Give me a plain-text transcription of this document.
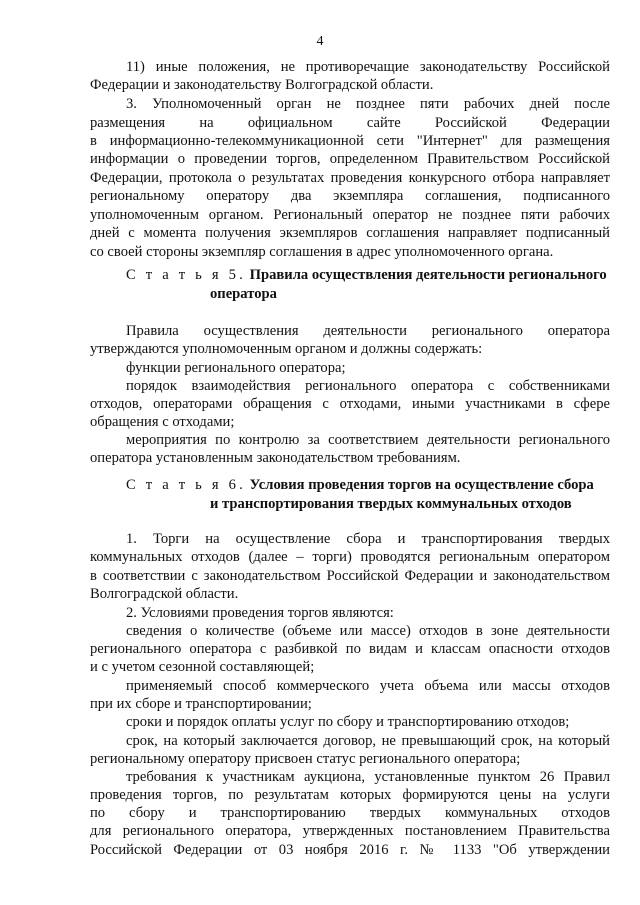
4
11) иные положения, не противоречащие законодательству Российской
Федерации и законодательству Волгоградской области.
3. Уполномоченный орган не позднее пяти рабочих дней после
размещения на официальном сайте Российской Федерации
в информационно-телекоммуникационной сети "Интернет" для размещения
информации о проведении торгов, определенном Правительством Российской
Федерации, протокола о результатах проведения конкурсного отбора направляет
региональному оператору два экземпляра соглашения, подписанного
уполномоченным органом. Региональный оператор не позднее пяти рабочих
дней с момента получения экземпляров соглашения направляет подписанный
со своей стороны экземпляр соглашения в адрес уполномоченного органа.
С т а т ь я 5. Правила осуществления деятельности регионального
оператора
Правила осуществления деятельности регионального оператора
утверждаются уполномоченным органом и должны содержать:
функции регионального оператора;
порядок взаимодействия регионального оператора с собственниками
отходов, операторами обращения с отходами, иными участниками в сфере
обращения с отходами;
мероприятия по контролю за соответствием деятельности регионального
оператора установленным законодательством требованиям.
С т а т ь я 6. Условия проведения торгов на осуществление сбора
и транспортирования твердых коммунальных отходов
1. Торги на осуществление сбора и транспортирования твердых
коммунальных отходов (далее – торги) проводятся региональным оператором
в соответствии с законодательством Российской Федерации и законодательством
Волгоградской области.
2. Условиями проведения торгов являются:
сведения о количестве (объеме или массе) отходов в зоне деятельности
регионального оператора с разбивкой по видам и классам опасности отходов
и с учетом сезонной составляющей;
применяемый способ коммерческого учета объема или массы отходов
при их сборе и транспортировании;
сроки и порядок оплаты услуг по сбору и транспортированию отходов;
срок, на который заключается договор, не превышающий срок, на который
региональному оператору присвоен статус регионального оператора;
требования к участникам аукциона, установленные пунктом 26 Правил
проведения торгов, по результатам которых формируются цены на услуги
по сбору и транспортированию твердых коммунальных отходов
для регионального оператора, утвержденных постановлением Правительства
Российской Федерации от 03 ноября 2016 г. № 1133 "Об утверждении
